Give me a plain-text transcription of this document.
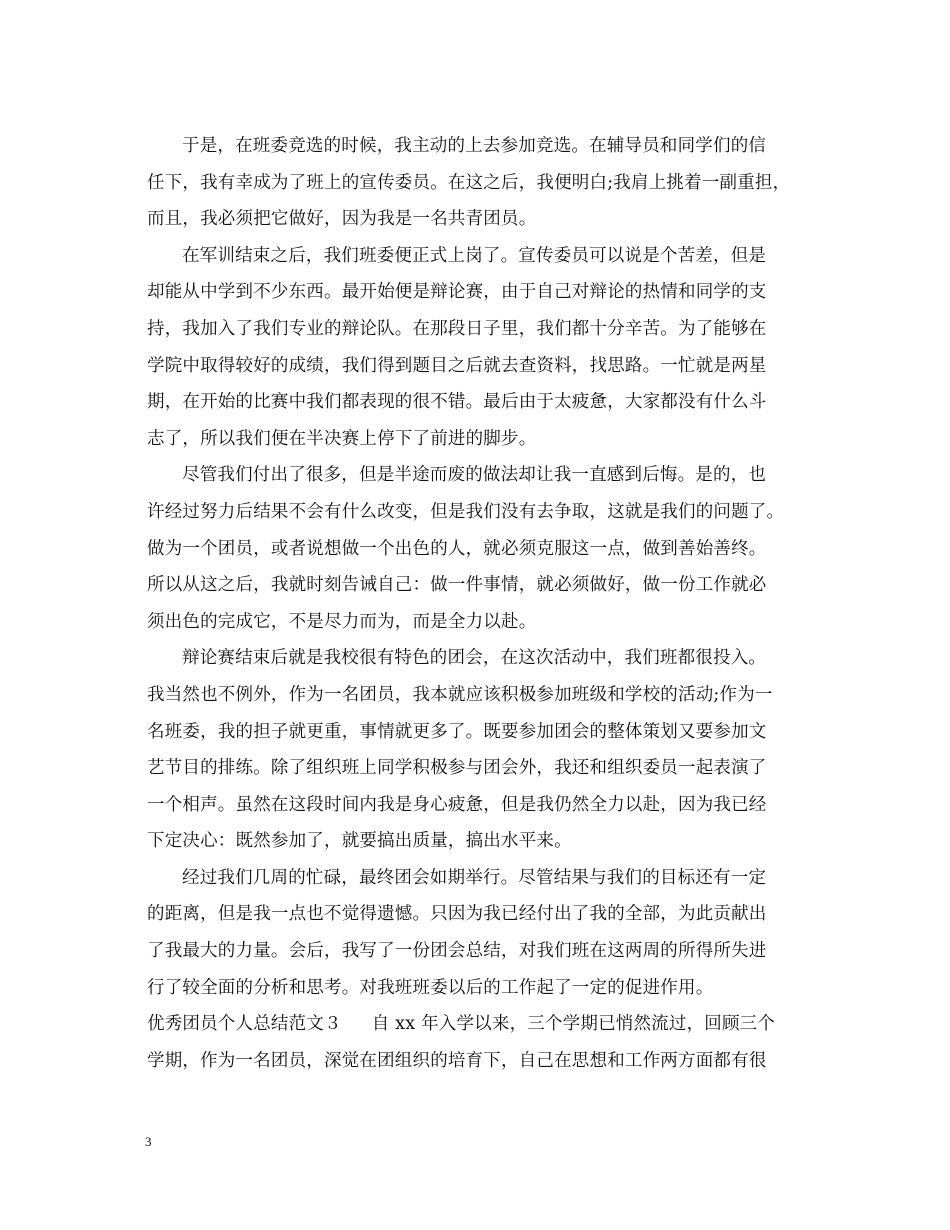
于是，在班委竞选的时候，我主动的上去参加竞选。在辅导员和同学们的信
任下，我有幸成为了班上的宣传委员。在这之后，我便明白;我肩上挑着一副重担，
而且，我必须把它做好，因为我是一名共青团员。
在军训结束之后，我们班委便正式上岗了。宣传委员可以说是个苦差，但是
却能从中学到不少东西。最开始便是辩论赛，由于自己对辩论的热情和同学的支
持，我加入了我们专业的辩论队。在那段日子里，我们都十分辛苦。为了能够在
学院中取得较好的成绩，我们得到题目之后就去查资料，找思路。一忙就是两星
期，在开始的比赛中我们都表现的很不错。最后由于太疲惫，大家都没有什么斗
志了，所以我们便在半决赛上停下了前进的脚步。
尽管我们付出了很多，但是半途而废的做法却让我一直感到后悔。是的，也
许经过努力后结果不会有什么改变，但是我们没有去争取，这就是我们的问题了。
做为一个团员，或者说想做一个出色的人，就必须克服这一点，做到善始善终。
所以从这之后，我就时刻告诫自己：做一件事情，就必须做好，做一份工作就必
须出色的完成它，不是尽力而为，而是全力以赴。
辩论赛结束后就是我校很有特色的团会，在这次活动中，我们班都很投入。
我当然也不例外，作为一名团员，我本就应该积极参加班级和学校的活动;作为一
名班委，我的担子就更重，事情就更多了。既要参加团会的整体策划又要参加文
艺节目的排练。除了组织班上同学积极参与团会外，我还和组织委员一起表演了
一个相声。虽然在这段时间内我是身心疲惫，但是我仍然全力以赴，因为我已经
下定决心：既然参加了，就要搞出质量，搞出水平来。
经过我们几周的忙碌，最终团会如期举行。尽管结果与我们的目标还有一定
的距离，但是我一点也不觉得遗憾。只因为我已经付出了我的全部，为此贡献出
了我最大的力量。会后，我写了一份团会总结，对我们班在这两周的所得所失进
行了较全面的分析和思考。对我班班委以后的工作起了一定的促进作用。
优秀团员个人总结范文３ 自 xx 年入学以来，三个学期已悄然流过，回顾三个
学期，作为一名团员，深觉在团组织的培育下，自己在思想和工作两方面都有很
3
